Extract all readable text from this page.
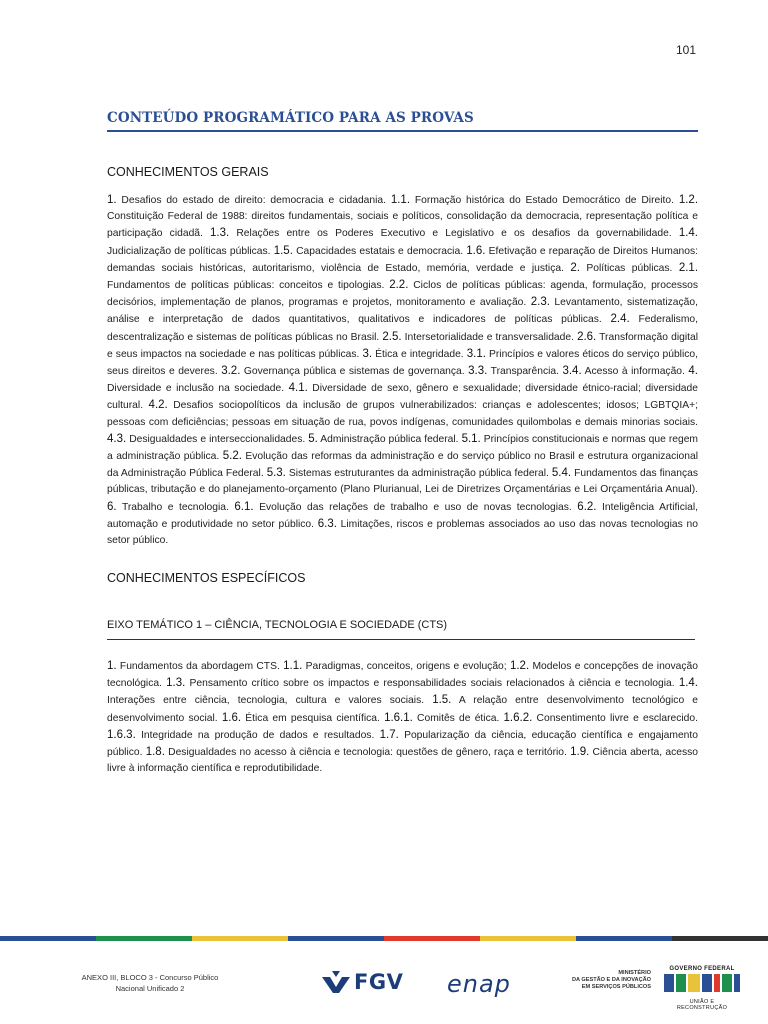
101
CONTEÚDO PROGRAMÁTICO PARA AS PROVAS
CONHECIMENTOS GERAIS

1. Desafios do estado de direito: democracia e cidadania. 1.1. Formação histórica do Estado Democrático de Direito. 1.2. Constituição Federal de 1988: direitos fundamentais, sociais e políticos, consolidação da democracia, representação política e participação cidadã. 1.3. Relações entre os Poderes Executivo e Legislativo e os desafios da governabilidade. 1.4. Judicialização de políticas públicas. 1.5. Capacidades estatais e democracia. 1.6. Efetivação e reparação de Direitos Humanos: demandas sociais históricas, autoritarismo, violência de Estado, memória, verdade e justiça. 2. Políticas públicas. 2.1. Fundamentos de políticas públicas: conceitos e tipologias. 2.2. Ciclos de políticas públicas: agenda, formulação, processos decisórios, implementação de planos, programas e projetos, monitoramento e avaliação. 2.3. Levantamento, sistematização, análise e interpretação de dados quantitativos, qualitativos e indicadores de políticas públicas. 2.4. Federalismo, descentralização e sistemas de políticas públicas no Brasil. 2.5. Intersetorialidade e transversalidade. 2.6. Transformação digital e seus impactos na sociedade e nas políticas públicas. 3. Ética e integridade. 3.1. Princípios e valores éticos do serviço público, seus direitos e deveres. 3.2. Governança pública e sistemas de governança. 3.3. Transparência. 3.4. Acesso à informação. 4. Diversidade e inclusão na sociedade. 4.1. Diversidade de sexo, gênero e sexualidade; diversidade étnico-racial; diversidade cultural. 4.2. Desafios sociopolíticos da inclusão de grupos vulnerabilizados: crianças e adolescentes; idosos; LGBTQIA+; pessoas com deficiências; pessoas em situação de rua, povos indígenas, comunidades quilombolas e demais minorias sociais. 4.3. Desigualdades e interseccionalidades. 5. Administração pública federal. 5.1. Princípios constitucionais e normas que regem a administração pública. 5.2. Evolução das reformas da administração e do serviço público no Brasil e estrutura organizacional da Administração Pública Federal. 5.3. Sistemas estruturantes da administração pública federal. 5.4. Fundamentos das finanças públicas, tributação e do planejamento-orçamento (Plano Plurianual, Lei de Diretrizes Orçamentárias e Lei Orçamentária Anual). 6. Trabalho e tecnologia. 6.1. Evolução das relações de trabalho e uso de novas tecnologias. 6.2. Inteligência Artificial, automação e produtividade no setor público. 6.3. Limitações, riscos e problemas associados ao uso das novas tecnologias no setor público.

CONHECIMENTOS ESPECÍFICOS
EIXO TEMÁTICO 1 – CIÊNCIA, TECNOLOGIA E SOCIEDADE (CTS)

1. Fundamentos da abordagem CTS. 1.1. Paradigmas, conceitos, origens e evolução; 1.2. Modelos e concepções de inovação tecnológica. 1.3. Pensamento crítico sobre os impactos e responsabilidades sociais relacionados à ciência e tecnologia. 1.4. Interações entre ciência, tecnologia, cultura e valores sociais. 1.5. A relação entre desenvolvimento tecnológico e desenvolvimento social. 1.6. Ética em pesquisa científica. 1.6.1. Comitês de ética. 1.6.2. Consentimento livre e esclarecido. 1.6.3. Integridade na produção de dados e resultados. 1.7. Popularização da ciência, educação científica e engajamento público. 1.8. Desigualdades no acesso à ciência e tecnologia: questões de gênero, raça e território. 1.9. Ciência aberta, acesso livre à informação científica e reprodutibilidade.

ANEXO III, BLOCO 3 - Concurso Público
Nacional Unificado 2	FGV enap	MINISTÉRIO
DA GESTÃO E DA INOVAÇÃO
EM SERVIÇOS PÚBLICOS
GOVERNO FEDERAL
UNIÃO E RECONSTRUÇÃO
